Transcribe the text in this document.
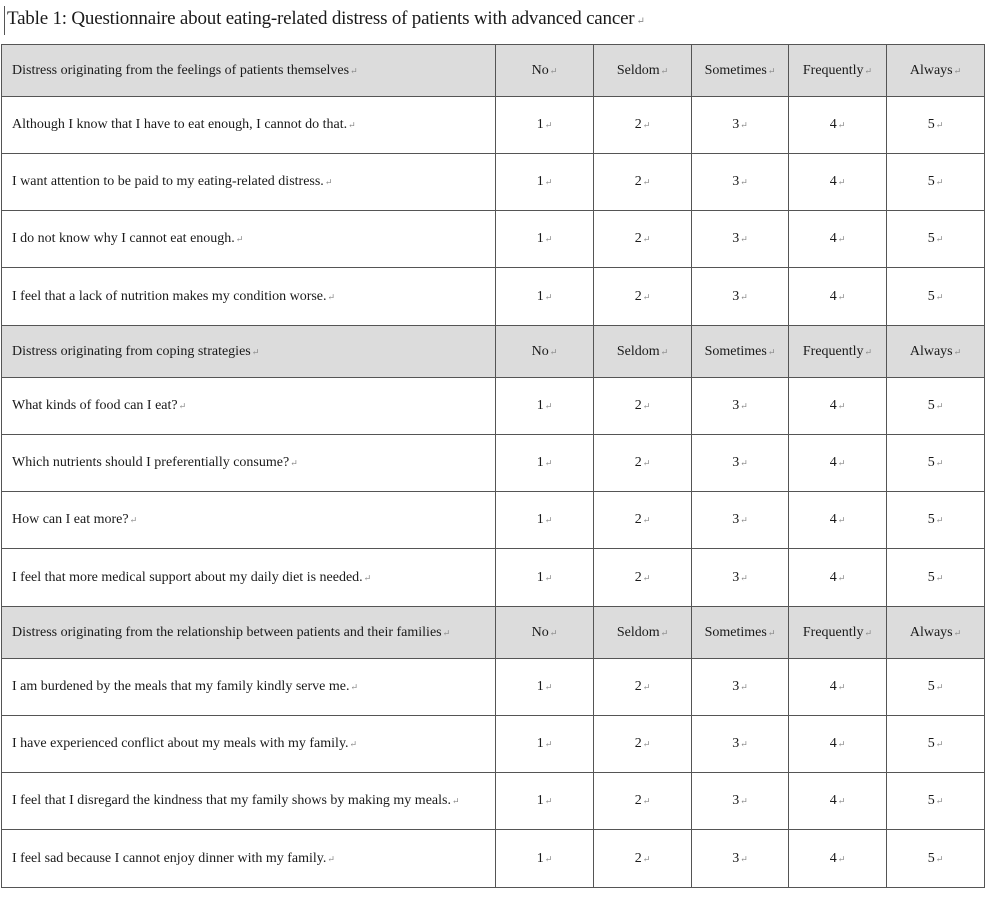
Table 1: Questionnaire about eating-related distress of patients with advanced cancer ↵
Distress originating from the feelings of patients themselves↵	No↵	Seldom↵	Sometimes↵	Frequently↵	Always↵
Although I know that I have to eat enough, I cannot do that.↵	1↵	2↵	3↵	4↵	5↵
I want attention to be paid to my eating-related distress.↵	1↵	2↵	3↵	4↵	5↵
I do not know why I cannot eat enough.↵	1↵	2↵	3↵	4↵	5↵
I feel that a lack of nutrition makes my condition worse.↵	1↵	2↵	3↵	4↵	5↵
Distress originating from coping strategies↵	No↵	Seldom↵	Sometimes↵	Frequently↵	Always↵
What kinds of food can I eat?↵	1↵	2↵	3↵	4↵	5↵
Which nutrients should I preferentially consume?↵	1↵	2↵	3↵	4↵	5↵
How can I eat more?↵	1↵	2↵	3↵	4↵	5↵
I feel that more medical support about my daily diet is needed.↵	1↵	2↵	3↵	4↵	5↵
Distress originating from the relationship between patients and their families↵	No↵	Seldom↵	Sometimes↵	Frequently↵	Always↵
I am burdened by the meals that my family kindly serve me.↵	1↵	2↵	3↵	4↵	5↵
I have experienced conflict about my meals with my family.↵	1↵	2↵	3↵	4↵	5↵
I feel that I disregard the kindness that my family shows by making my meals.↵	1↵	2↵	3↵	4↵	5↵
I feel sad because I cannot enjoy dinner with my family.↵	1↵	2↵	3↵	4↵	5↵
